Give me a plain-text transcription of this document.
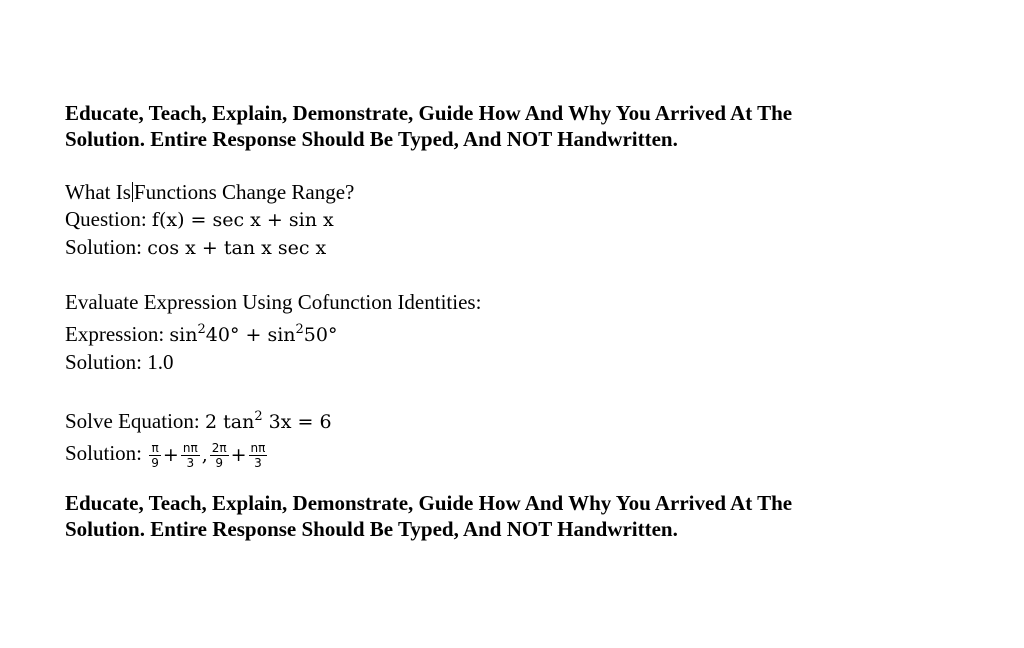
Educate, Teach, Explain, Demonstrate, Guide How And Why You Arrived At The
Solution. Entire Response Should Be Typed, And NOT Handwritten.
What Is Functions Change Range?
Question: f(x) = sec x + sin x
Solution: cos x + tan x sec x
Evaluate Expression Using Cofunction Identities:
Expression: $\sin^240^\circ + \sin^250^\circ$
Solution: 1.0
Solve Equation: 2 $\tan^2 3x = 6$
Solution: $\frac{\pi}{9} + \frac{n\pi}{3}$ , $\frac{2\pi}{9} + \frac{n\pi}{3}$
Educate, Teach, Explain, Demonstrate, Guide How And Why You Arrived At The
Solution. Entire Response Should Be Typed, And NOT Handwritten.
